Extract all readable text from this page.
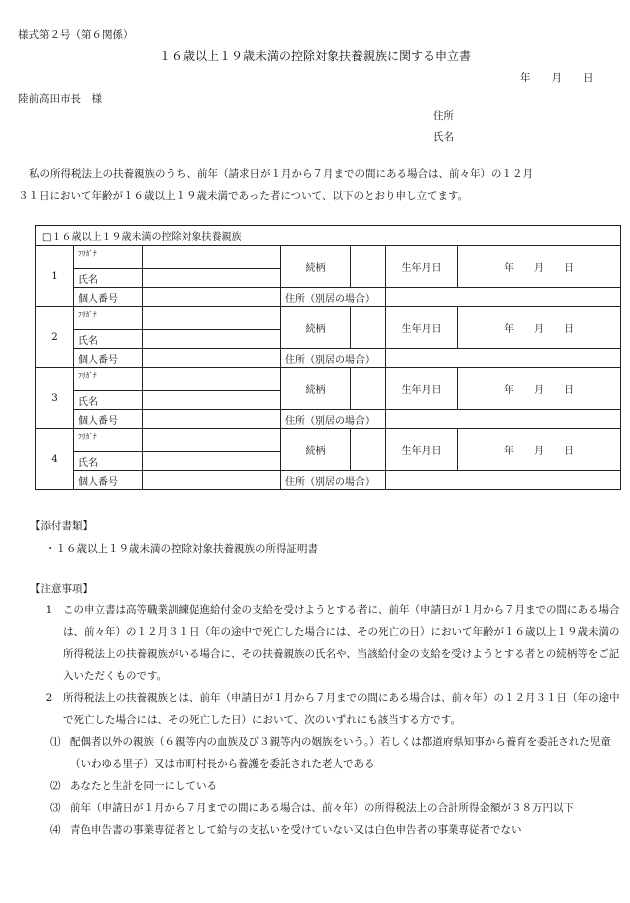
様式第２号（第６関係）
１６歳以上１９歳未満の控除対象扶養親族に関する申立書
年　　月　　日
陸前高田市長　様
住所
氏名

私の所得税法上の扶養親族のうち、前年（請求日が１月から７月までの間にある場合は、前々年）の１２月

３１日において年齢が１６歳以上１９歳未満であった者について、以下のとおり申し立てます。

□１６歳以上１９歳未満の控除対象扶養親族						
1	ﾌﾘｶﾞﾅ		続柄		生年月日	年　　月　　日
	氏名					
	個人番号		住所（別居の場合）			
2	ﾌﾘｶﾞﾅ		続柄		生年月日	年　　月　　日
	氏名					
	個人番号		住所（別居の場合）			
3	ﾌﾘｶﾞﾅ		続柄		生年月日	年　　月　　日
	氏名					
	個人番号		住所（別居の場合）			
4	ﾌﾘｶﾞﾅ		続柄		生年月日	年　　月　　日
	氏名					
	個人番号		住所（別居の場合）			
【添付書類】
・１６歳以上１９歳未満の控除対象扶養親族の所得証明書
【注意事項】
1	この申立書は高等職業訓練促進給付金の支給を受けようとする者に、前年（申請日が１月から７月までの間にある場合は、前々年）の１２月３１日（年の途中で死亡した場合には、その死亡の日）において年齢が１６歳以上１９歳未満の所得税法上の扶養親族がいる場合に、その扶養親族の氏名や、当該給付金の支給を受けようとする者との続柄等をご記入いただくものです。
2	所得税法上の扶養親族とは、前年（申請日が１月から７月までの間にある場合は、前々年）の１２月３１日（年の途中で死亡した場合には、その死亡した日）において、次のいずれにも該当する方です。
⑴ 配偶者以外の親族（６親等内の血族及び３親等内の姻族をいう。）若しくは都道府県知事から養育を委託された児童（いわゆる里子）又は市町村長から養護を委託された老人である
⑵ あなたと生計を同一にしている
⑶ 前年（申請日が１月から７月までの間にある場合は、前々年）の所得税法上の合計所得金額が３８万円以下
⑷ 青色申告書の事業専従者として給与の支払いを受けていない又は白色申告者の事業専従者でない
